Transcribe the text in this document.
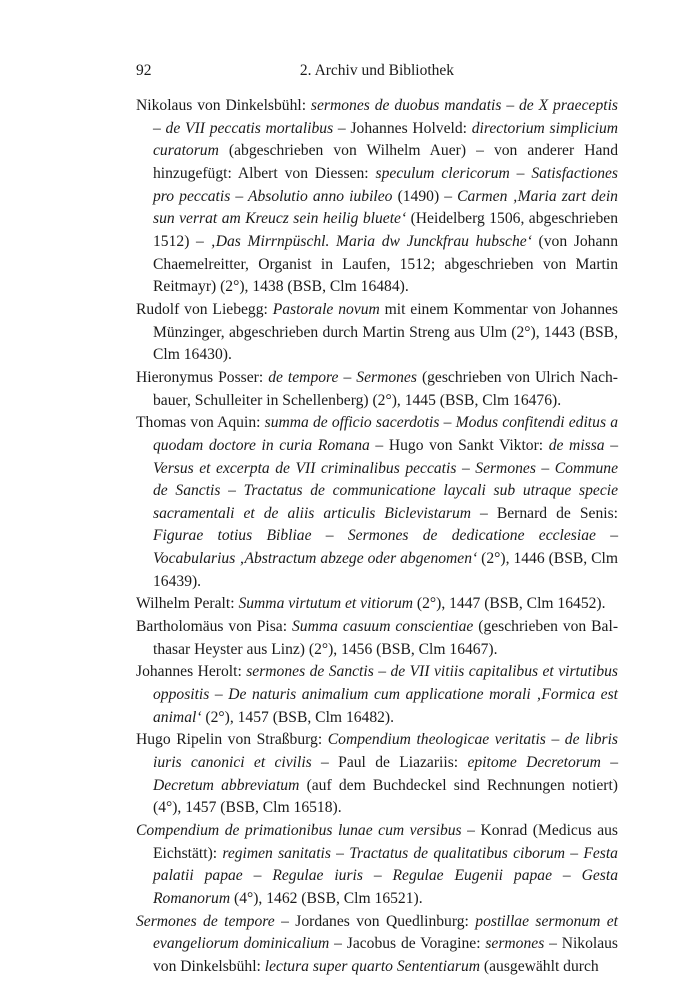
92	2. Archiv und Bibliothek

Nikolaus von Dinkelsbühl: sermones de duobus mandatis – de X praeceptis – de VII peccatis mortalibus – Johannes Holveld: directorium simplicium curatorum (abgeschrieben von Wilhelm Auer) – von anderer Hand hinzugefügt: Albert von Diessen: speculum clericorum – Satisfactiones pro peccatis – Absolutio anno iubileo (1490) – Carmen ‚Maria zart dein sun verrat am Kreucz sein heilig bluete‘ (Heidelberg 1506, abgeschrieben 1512) – ‚Das Mirrnpüschl. Maria dw Junckfrau hubsche‘ (von Johann Chaemelreitter, Organist in Laufen, 1512; abgeschrieben von Martin Reitmayr) (2°), 1438 (BSB, Clm 16484).

Rudolf von Liebegg: Pastorale novum mit einem Kommentar von Johannes Münzinger, abgeschrieben durch Martin Streng aus Ulm (2°), 1443 (BSB, Clm 16430).

Hieronymus Posser: de tempore – Sermones (geschrieben von Ulrich Nachbauer, Schulleiter in Schellenberg) (2°), 1445 (BSB, Clm 16476).

Thomas von Aquin: summa de officio sacerdotis – Modus confitendi editus a quodam doctore in curia Romana – Hugo von Sankt Viktor: de missa – Versus et excerpta de VII criminalibus peccatis – Sermones – Commune de Sanctis – Tractatus de communicatione laycali sub utraque specie sacramentali et de aliis articulis Biclevistarum – Bernard de Senis: Figurae totius Bibliae – Sermones de dedicatione ecclesiae – Vocabularius ‚Abstractum abzege oder abgenomen‘ (2°), 1446 (BSB, Clm 16439).

Wilhelm Peralt: Summa virtutum et vitiorum (2°), 1447 (BSB, Clm 16452).

Bartholomäus von Pisa: Summa casuum conscientiae (geschrieben von Balthasar Heyster aus Linz) (2°), 1456 (BSB, Clm 16467).

Johannes Herolt: sermones de Sanctis – de VII vitiis capitalibus et virtutibus oppositis – De naturis animalium cum applicatione morali ‚Formica est animal‘ (2°), 1457 (BSB, Clm 16482).

Hugo Ripelin von Straßburg: Compendium theologicae veritatis – de libris iuris canonici et civilis – Paul de Liazariis: epitome Decretorum – Decretum abbreviatum (auf dem Buchdeckel sind Rechnungen notiert) (4°), 1457 (BSB, Clm 16518).

Compendium de primationibus lunae cum versibus – Konrad (Medicus aus Eichstätt): regimen sanitatis – Tractatus de qualitatibus ciborum – Festa palatii papae – Regulae iuris – Regulae Eugenii papae – Gesta Romanorum (4°), 1462 (BSB, Clm 16521).

Sermones de tempore – Jordanes von Quedlinburg: postillae sermonum et evangeliorum dominicalium – Jacobus de Voragine: sermones – Nikolaus von Dinkelsbühl: lectura super quarto Sententiarum (ausgewählt durch
